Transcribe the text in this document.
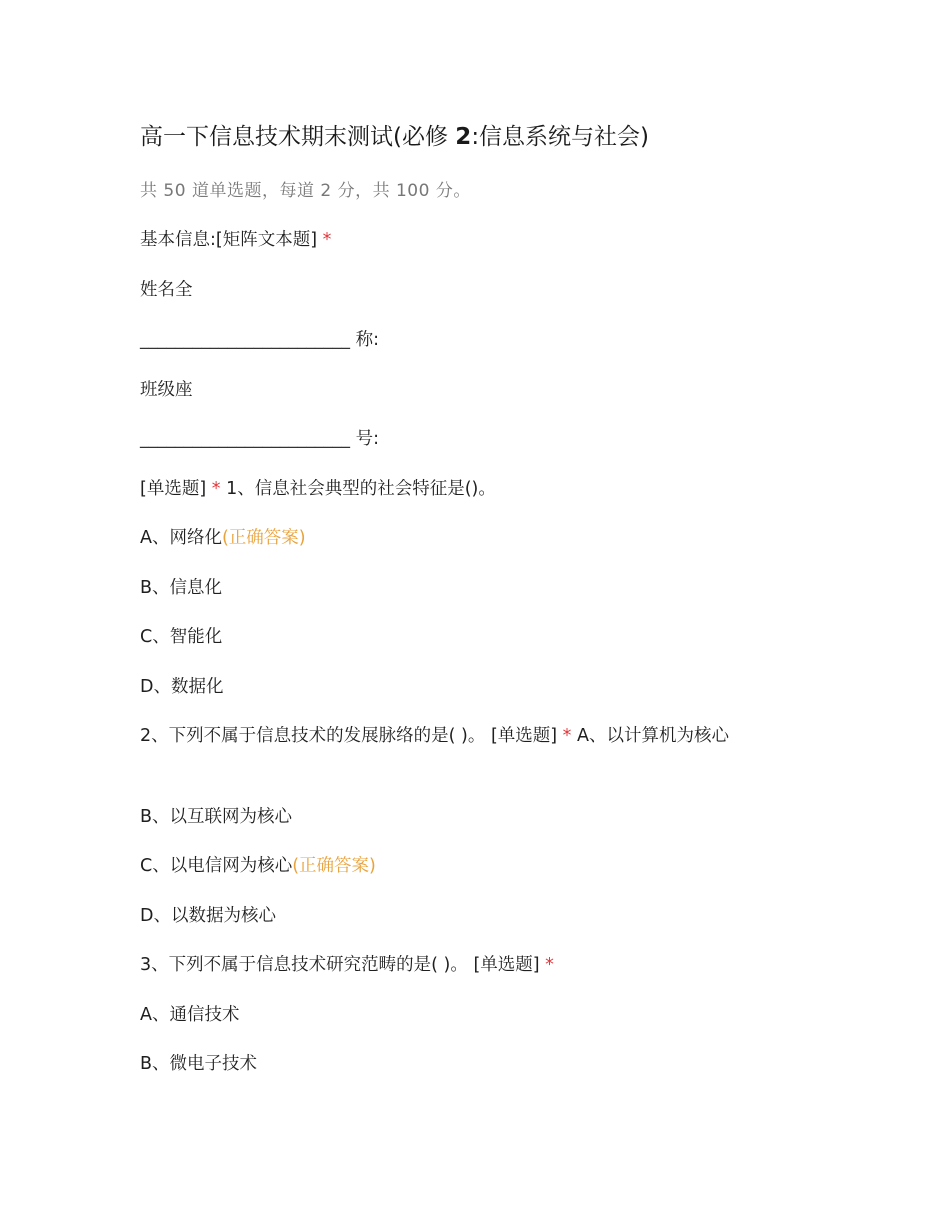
高一下信息技术期末测试(必修 2:信息系统与社会)
共 50 道单选题，每道 2 分，共 100 分。
基本信息:[矩阵文本题] *
姓名全
________________________ 称:
班级座
________________________ 号:
[单选题] * 1、信息社会典型的社会特征是()。
A、网络化(正确答案)
B、信息化
C、智能化
D、数据化
2、下列不属于信息技术的发展脉络的是( )。 [单选题] * A、以计算机为核心
B、以互联网为核心
C、以电信网为核心(正确答案)
D、以数据为核心
3、下列不属于信息技术研究范畴的是( )。 [单选题] *
A、通信技术
B、微电子技术
